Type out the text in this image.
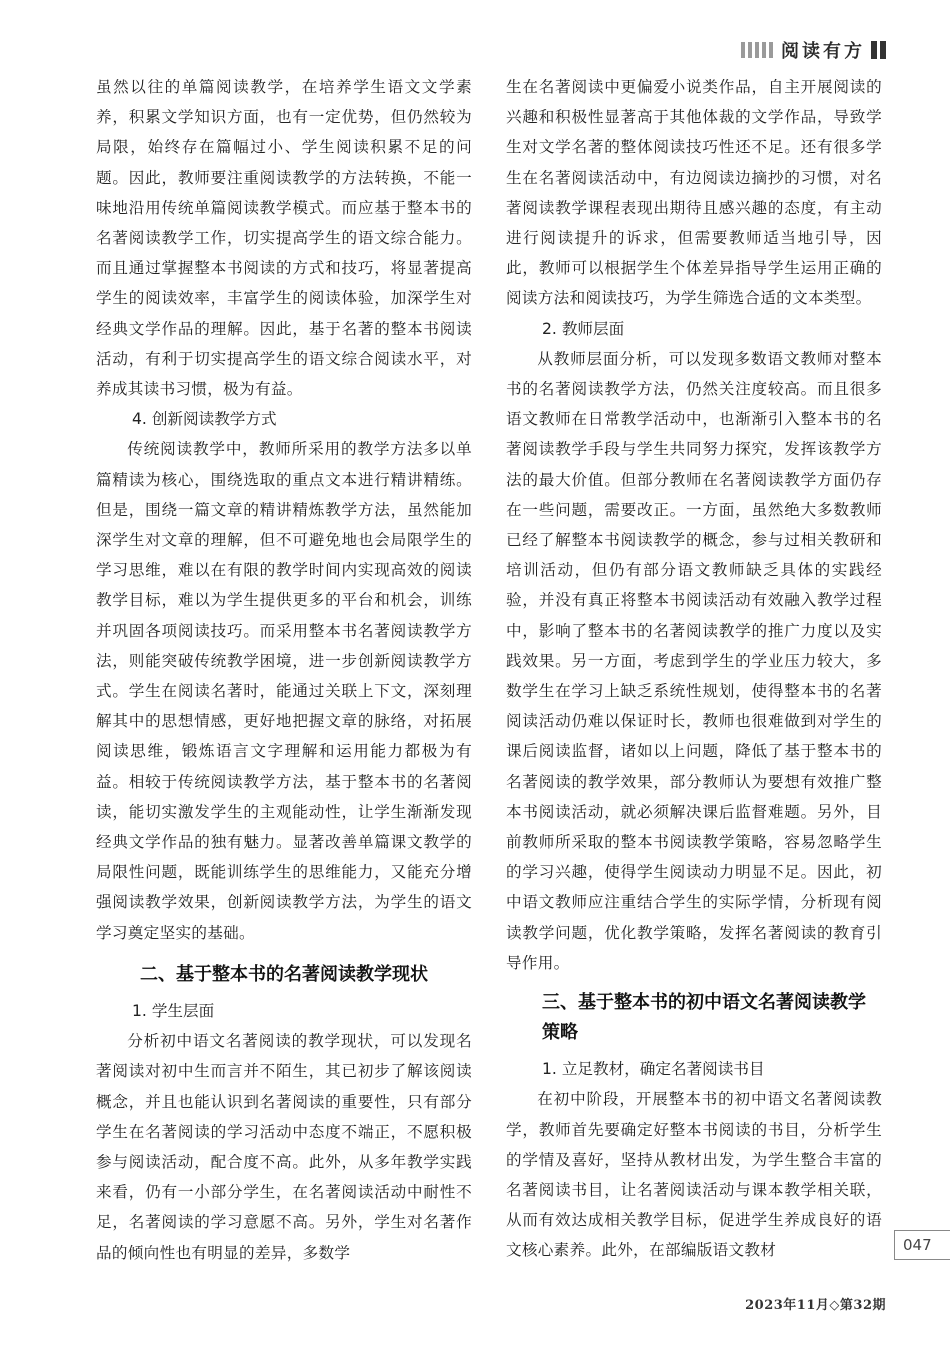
阅读有方

虽然以往的单篇阅读教学，在培养学生语文文学素养，积累文学知识方面，也有一定优势，但仍然较为局限，始终存在篇幅过小、学生阅读积累不足的问题。因此，教师要注重阅读教学的方法转换，不能一味地沿用传统单篇阅读教学模式。而应基于整本书的名著阅读教学工作，切实提高学生的语文综合能力。而且通过掌握整本书阅读的方式和技巧，将显著提高学生的阅读效率，丰富学生的阅读体验，加深学生对经典文学作品的理解。因此，基于名著的整本书阅读活动，有利于切实提高学生的语文综合阅读水平，对养成其读书习惯，极为有益。

4. 创新阅读教学方式

传统阅读教学中，教师所采用的教学方法多以单篇精读为核心，围绕选取的重点文本进行精讲精练。但是，围绕一篇文章的精讲精炼教学方法，虽然能加深学生对文章的理解，但不可避免地也会局限学生的学习思维，难以在有限的教学时间内实现高效的阅读教学目标，难以为学生提供更多的平台和机会，训练并巩固各项阅读技巧。而采用整本书名著阅读教学方法，则能突破传统教学困境，进一步创新阅读教学方式。学生在阅读名著时，能通过关联上下文，深刻理解其中的思想情感，更好地把握文章的脉络，对拓展阅读思维，锻炼语言文字理解和运用能力都极为有益。相较于传统阅读教学方法，基于整本书的名著阅读，能切实激发学生的主观能动性，让学生渐渐发现经典文学作品的独有魅力。显著改善单篇课文教学的局限性问题，既能训练学生的思维能力，又能充分增强阅读教学效果，创新阅读教学方法，为学生的语文学习奠定坚实的基础。

二、基于整本书的名著阅读教学现状
1. 学生层面

分析初中语文名著阅读的教学现状，可以发现名著阅读对初中生而言并不陌生，其已初步了解该阅读概念，并且也能认识到名著阅读的重要性，只有部分学生在名著阅读的学习活动中态度不端正，不愿积极参与阅读活动，配合度不高。此外，从多年教学实践来看，仍有一小部分学生，在名著阅读活动中耐性不足，名著阅读的学习意愿不高。另外，学生对名著作品的倾向性也有明显的差异，多数学

生在名著阅读中更偏爱小说类作品，自主开展阅读的兴趣和积极性显著高于其他体裁的文学作品，导致学生对文学名著的整体阅读技巧性还不足。还有很多学生在名著阅读活动中，有边阅读边摘抄的习惯，对名著阅读教学课程表现出期待且感兴趣的态度，有主动进行阅读提升的诉求，但需要教师适当地引导，因此，教师可以根据学生个体差异指导学生运用正确的阅读方法和阅读技巧，为学生筛选合适的文本类型。

2. 教师层面

从教师层面分析，可以发现多数语文教师对整本书的名著阅读教学方法，仍然关注度较高。而且很多语文教师在日常教学活动中，也渐渐引入整本书的名著阅读教学手段与学生共同努力探究，发挥该教学方法的最大价值。但部分教师在名著阅读教学方面仍存在一些问题，需要改正。一方面，虽然绝大多数教师已经了解整本书阅读教学的概念，参与过相关教研和培训活动，但仍有部分语文教师缺乏具体的实践经验，并没有真正将整本书阅读活动有效融入教学过程中，影响了整本书的名著阅读教学的推广力度以及实践效果。另一方面，考虑到学生的学业压力较大，多数学生在学习上缺乏系统性规划，使得整本书的名著阅读活动仍难以保证时长，教师也很难做到对学生的课后阅读监督，诸如以上问题，降低了基于整本书的名著阅读的教学效果，部分教师认为要想有效推广整本书阅读活动，就必须解决课后监督难题。另外，目前教师所采取的整本书阅读教学策略，容易忽略学生的学习兴趣，使得学生阅读动力明显不足。因此，初中语文教师应注重结合学生的实际学情，分析现有阅读教学问题，优化教学策略，发挥名著阅读的教育引导作用。

三、基于整本书的初中语文名著阅读教学策略
1. 立足教材，确定名著阅读书目

在初中阶段，开展整本书的初中语文名著阅读教学，教师首先要确定好整本书阅读的书目，分析学生的学情及喜好，坚持从教材出发，为学生整合丰富的名著阅读书目，让名著阅读活动与课本教学相关联，从而有效达成相关教学目标，促进学生养成良好的语文核心素养。此外，在部编版语文教材	047
2023年11月◇第32期
